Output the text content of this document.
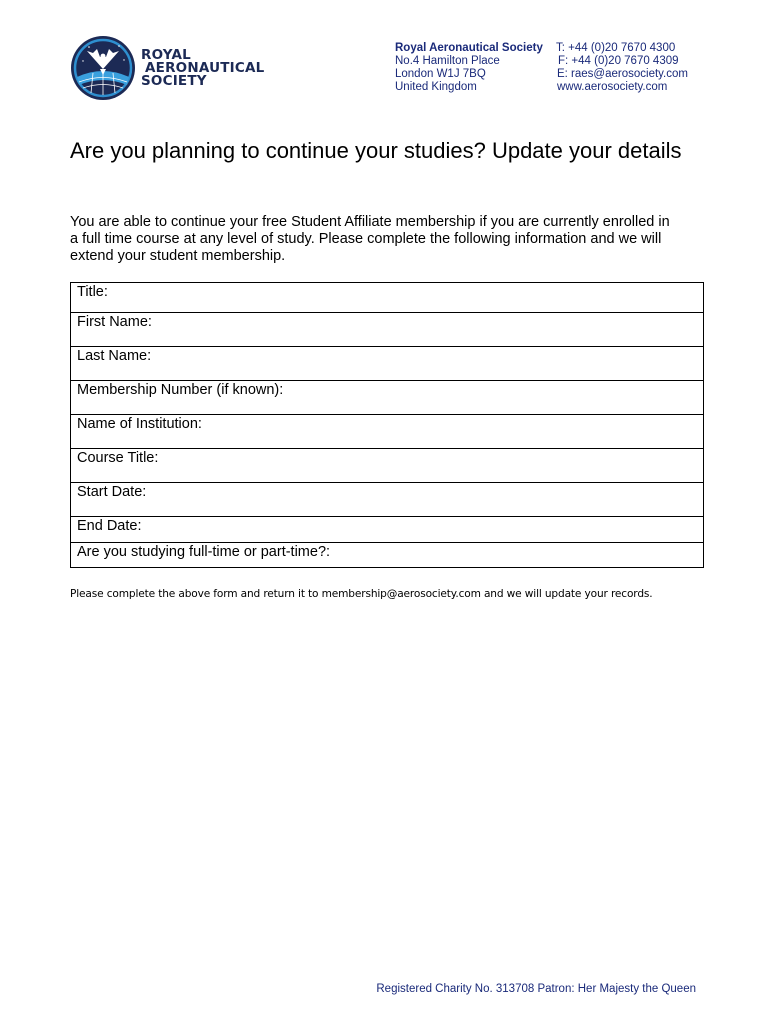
ROYAL
AERONAUTICAL
SOCIETY
Royal Aeronautical Society
No.4 Hamilton Place
London W1J 7BQ
United Kingdom
T: +44 (0)20 7670 4300
F: +44 (0)20 7670 4309
E: raes@aerosociety.com
www.aerosociety.com
Are you planning to continue your studies? Update your details

You are able to continue your free Student Affiliate membership if you are currently enrolled in a full time course at any level of study. Please complete the following information and we will extend your student membership.

Title:
First Name:
Last Name:
Membership Number (if known):
Name of Institution:
Course Title:
Start Date:
End Date:
Are you studying full-time or part-time?:

Please complete the above form and return it to membership@aerosociety.com and we will update your records.

Registered Charity No. 313708 Patron: Her Majesty the Queen
